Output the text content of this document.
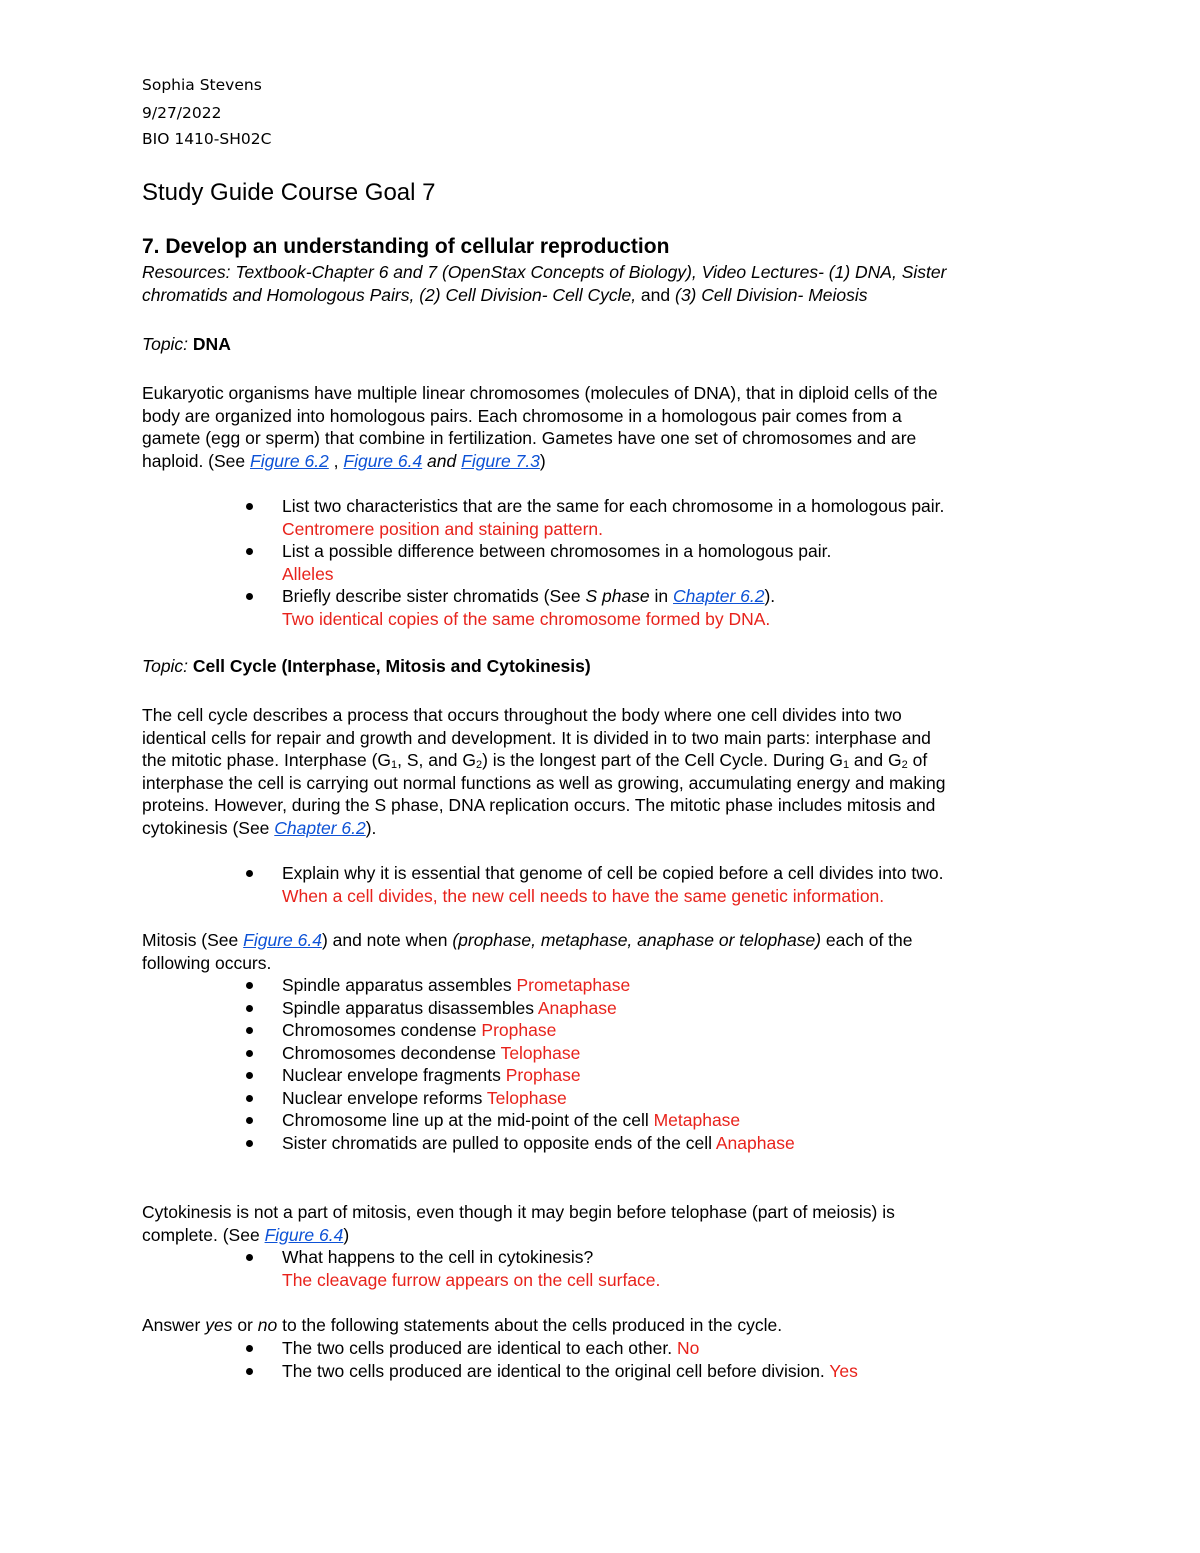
Sophia Stevens
9/27/2022
BIO 1410-SH02C
Study Guide Course Goal 7
7. Develop an understanding of cellular reproduction
Resources: Textbook-Chapter 6 and 7 (OpenStax Concepts of Biology), Video Lectures- (1) DNA, Sister
chromatids and Homologous Pairs, (2) Cell Division- Cell Cycle, and (3) Cell Division- Meiosis
Topic: DNA
Eukaryotic organisms have multiple linear chromosomes (molecules of DNA), that in diploid cells of the
body are organized into homologous pairs. Each chromosome in a homologous pair comes from a
gamete (egg or sperm) that combine in fertilization. Gametes have one set of chromosomes and are
haploid. (See Figure 6.2 , Figure 6.4 and Figure 7.3)
List two characteristics that are the same for each chromosome in a homologous pair.
Centromere position and staining pattern.
List a possible difference between chromosomes in a homologous pair.
Alleles
Briefly describe sister chromatids (See S phase in Chapter 6.2).
Two identical copies of the same chromosome formed by DNA.
Topic: Cell Cycle (Interphase, Mitosis and Cytokinesis)
The cell cycle describes a process that occurs throughout the body where one cell divides into two
identical cells for repair and growth and development. It is divided in to two main parts: interphase and
the mitotic phase. Interphase ($G_1$, S, and $G_2$) is the longest part of the Cell Cycle. During $G_1$ and $G_2$ of
interphase the cell is carrying out normal functions as well as growing, accumulating energy and making
proteins. However, during the S phase, DNA replication occurs. The mitotic phase includes mitosis and
cytokinesis (See Chapter 6.2).
Explain why it is essential that genome of cell be copied before a cell divides into two.
When a cell divides, the new cell needs to have the same genetic information.
Mitosis (See Figure 6.4) and note when (prophase, metaphase, anaphase or telophase) each of the
following occurs.
Spindle apparatus assembles Prometaphase
Spindle apparatus disassembles Anaphase
Chromosomes condense Prophase
Chromosomes decondense Telophase
Nuclear envelope fragments Prophase
Nuclear envelope reforms Telophase
Chromosome line up at the mid-point of the cell Metaphase
Sister chromatids are pulled to opposite ends of the cell Anaphase
Cytokinesis is not a part of mitosis, even though it may begin before telophase (part of meiosis) is
complete. (See Figure 6.4)
What happens to the cell in cytokinesis?
The cleavage furrow appears on the cell surface.
Answer yes or no to the following statements about the cells produced in the cycle.
The two cells produced are identical to each other. No
The two cells produced are identical to the original cell before division. Yes
